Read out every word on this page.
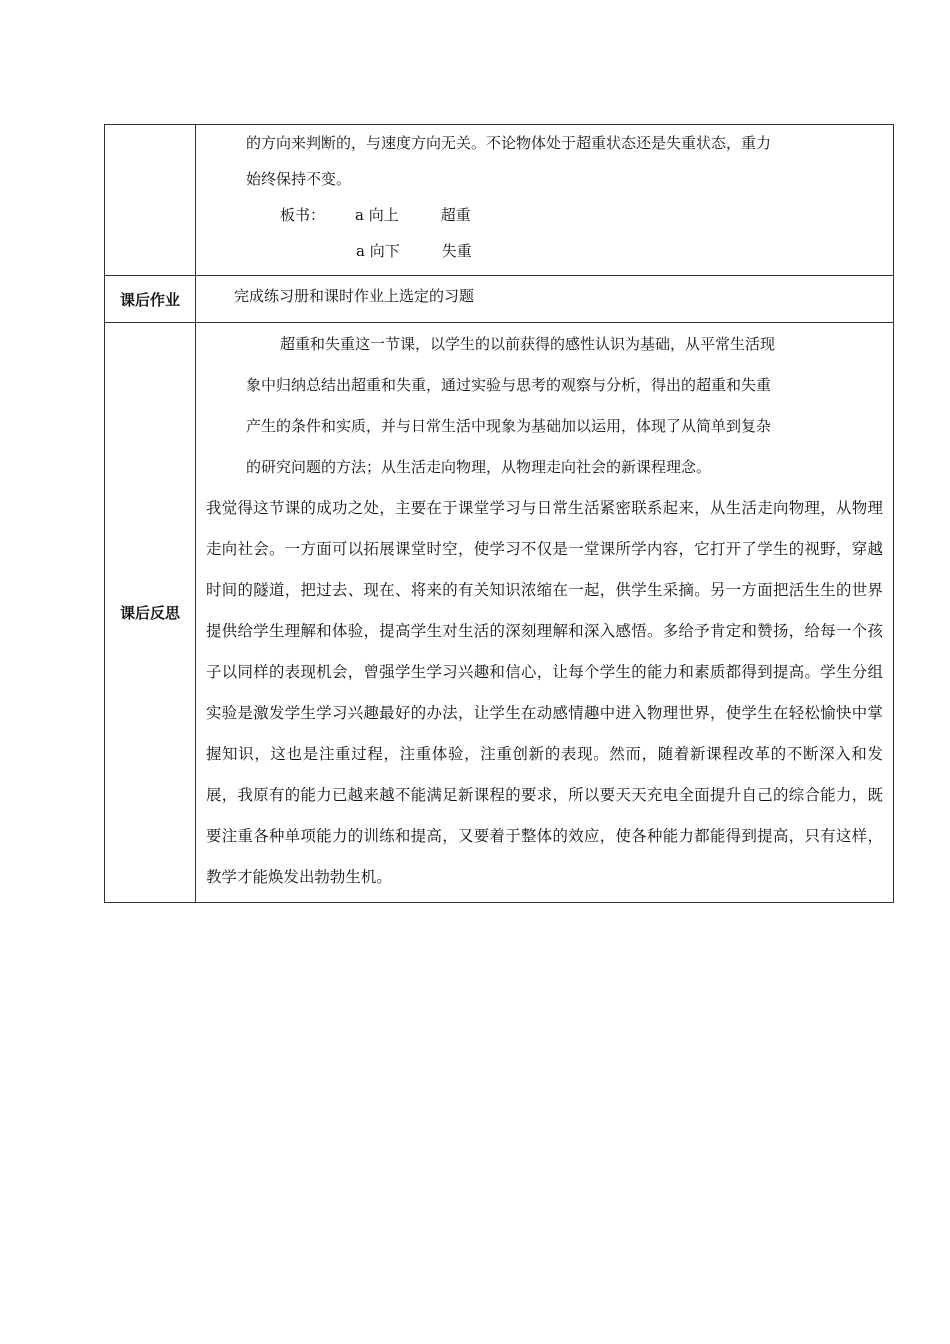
	的方向来判断的，与速度方向无关。不论物体处于超重状态还是失重状态，重力
始终保持不变。
板书： a 向上 超重
a 向下 失重

课后作业	完成练习册和课时作业上选定的习题

课后反思	超重和失重这一节课，以学生的以前获得的感性认识为基础，从平常生活现
象中归纳总结出超重和失重，通过实验与思考的观察与分析，得出的超重和失重
产生的条件和实质，并与日常生活中现象为基础加以运用，体现了从简单到复杂
的研究问题的方法；从生活走向物理，从物理走向社会的新课程理念。

我觉得这节课的成功之处，主要在于课堂学习与日常生活紧密联系起来，从生活走向物理，从物理走向社会。一方面可以拓展课堂时空，使学习不仅是一堂课所学内容，它打开了学生的视野，穿越时间的隧道，把过去、现在、将来的有关知识浓缩在一起，供学生采摘。另一方面把活生生的世界提供给学生理解和体验，提高学生对生活的深刻理解和深入感悟。多给予肯定和赞扬，给每一个孩子以同样的表现机会，曾强学生学习兴趣和信心，让每个学生的能力和素质都得到提高。学生分组实验是激发学生学习兴趣最好的办法，让学生在动感情趣中进入物理世界，使学生在轻松愉快中掌握知识，这也是注重过程，注重体验，注重创新的表现。然而，随着新课程改革的不断深入和发展，我原有的能力已越来越不能满足新课程的要求，所以要天天充电全面提升自己的综合能力，既要注重各种单项能力的训练和提高，又要着于整体的效应，使各种能力都能得到提高，只有这样，教学才能焕发出勃勃生机。
